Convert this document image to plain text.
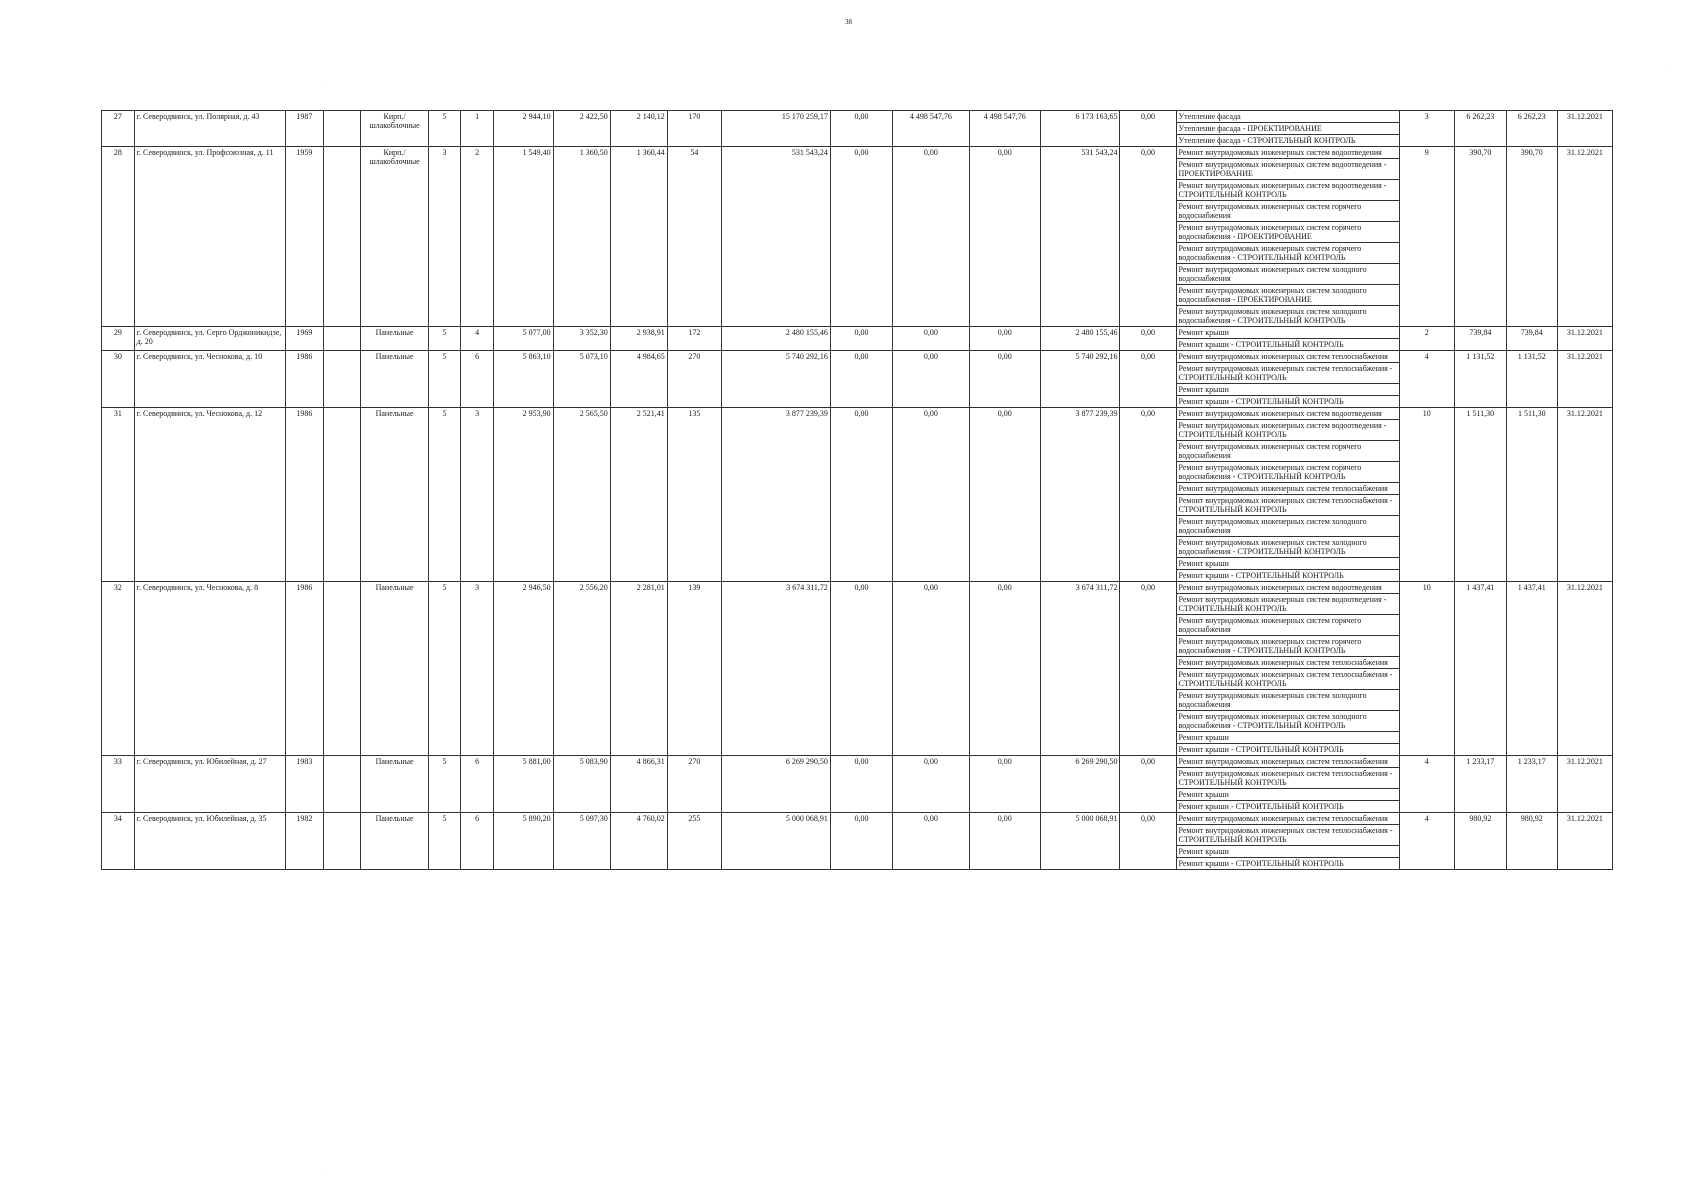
38
27	г. Северодвинск, ул. Полярная, д. 43	1987		Кирп./ шлакоблочные	5	1	2 944,10	2 422,50	2 140,12	170	15 170 259,17	0,00	4 498 547,76	4 498 547,76	6 173 163,65	0,00	Утепление фасада	3	6 262,23	6 262,23	31.12.2021
																	Утепление фасада - ПРОЕКТИРОВАНИЕ				
																	Утепление фасада - СТРОИТЕЛЬНЫЙ КОНТРОЛЬ				
28	г. Северодвинск, ул. Профсоюзная, д. 11	1959		Кирп./ шлакоблочные	3	2	1 549,40	1 360,50	1 360,44	54	531 543,24	0,00	0,00	0,00	531 543,24	0,00	Ремонт внутридомовых инженерных систем водоотведения	9	390,70	390,70	31.12.2021
																	Ремонт внутридомовых инженерных систем водоотведения - ПРОЕКТИРОВАНИЕ				
																	Ремонт внутридомовых инженерных систем водоотведения - СТРОИТЕЛЬНЫЙ КОНТРОЛЬ				
																	Ремонт внутридомовых инженерных систем горячего водоснабжения				
																	Ремонт внутридомовых инженерных систем горячего водоснабжения - ПРОЕКТИРОВАНИЕ				
																	Ремонт внутридомовых инженерных систем горячего водоснабжения - СТРОИТЕЛЬНЫЙ КОНТРОЛЬ				
																	Ремонт внутридомовых инженерных систем холодного водоснабжения				
																	Ремонт внутридомовых инженерных систем холодного водоснабжения - ПРОЕКТИРОВАНИЕ				
																	Ремонт внутридомовых инженерных систем холодного водоснабжения - СТРОИТЕЛЬНЫЙ КОНТРОЛЬ				
29	г. Северодвинск, ул. Серго Орджоникидзе, д. 20	1969		Панельные	5	4	5 077,00	3 352,30	2 938,91	172	2 480 155,46	0,00	0,00	0,00	2 480 155,46	0,00	Ремонт крыши	2	739,84	739,84	31.12.2021
																	Ремонт крыши - СТРОИТЕЛЬНЫЙ КОНТРОЛЬ				
30	г. Северодвинск, ул. Чеснокова, д. 10	1986		Панельные	5	6	5 863,10	5 073,10	4 984,65	270	5 740 292,16	0,00	0,00	0,00	5 740 292,16	0,00	Ремонт внутридомовых инженерных систем теплоснабжения	4	1 131,52	1 131,52	31.12.2021
																	Ремонт внутридомовых инженерных систем теплоснабжения - СТРОИТЕЛЬНЫЙ КОНТРОЛЬ				
																	Ремонт крыши				
																	Ремонт крыши - СТРОИТЕЛЬНЫЙ КОНТРОЛЬ				
31	г. Северодвинск, ул. Чеснокова, д. 12	1986		Панельные	5	3	2 953,90	2 565,50	2 521,41	135	3 877 239,39	0,00	0,00	0,00	3 877 239,39	0,00	Ремонт внутридомовых инженерных систем водоотведения	10	1 511,30	1 511,30	31.12.2021
																	Ремонт внутридомовых инженерных систем водоотведения - СТРОИТЕЛЬНЫЙ КОНТРОЛЬ				
																	Ремонт внутридомовых инженерных систем горячего водоснабжения				
																	Ремонт внутридомовых инженерных систем горячего водоснабжения - СТРОИТЕЛЬНЫЙ КОНТРОЛЬ				
																	Ремонт внутридомовых инженерных систем теплоснабжения				
																	Ремонт внутридомовых инженерных систем теплоснабжения - СТРОИТЕЛЬНЫЙ КОНТРОЛЬ				
																	Ремонт внутридомовых инженерных систем холодного водоснабжения				
																	Ремонт внутридомовых инженерных систем холодного водоснабжения - СТРОИТЕЛЬНЫЙ КОНТРОЛЬ				
																	Ремонт крыши				
																	Ремонт крыши - СТРОИТЕЛЬНЫЙ КОНТРОЛЬ				
32	г. Северодвинск, ул. Чеснокова, д. 8	1986		Панельные	5	3	2 946,50	2 556,20	2 281,01	139	3 674 311,72	0,00	0,00	0,00	3 674 311,72	0,00	Ремонт внутридомовых инженерных систем водоотведения	10	1 437,41	1 437,41	31.12.2021
																	Ремонт внутридомовых инженерных систем водоотведения - СТРОИТЕЛЬНЫЙ КОНТРОЛЬ				
																	Ремонт внутридомовых инженерных систем горячего водоснабжения				
																	Ремонт внутридомовых инженерных систем горячего водоснабжения - СТРОИТЕЛЬНЫЙ КОНТРОЛЬ				
																	Ремонт внутридомовых инженерных систем теплоснабжения				
																	Ремонт внутридомовых инженерных систем теплоснабжения - СТРОИТЕЛЬНЫЙ КОНТРОЛЬ				
																	Ремонт внутридомовых инженерных систем холодного водоснабжения				
																	Ремонт внутридомовых инженерных систем холодного водоснабжения - СТРОИТЕЛЬНЫЙ КОНТРОЛЬ				
																	Ремонт крыши				
																	Ремонт крыши - СТРОИТЕЛЬНЫЙ КОНТРОЛЬ				
33	г. Северодвинск, ул. Юбилейная, д. 27	1983		Панельные	5	6	5 881,00	5 083,90	4 866,31	270	6 269 290,50	0,00	0,00	0,00	6 269 290,50	0,00	Ремонт внутридомовых инженерных систем теплоснабжения	4	1 233,17	1 233,17	31.12.2021
																	Ремонт внутридомовых инженерных систем теплоснабжения - СТРОИТЕЛЬНЫЙ КОНТРОЛЬ				
																	Ремонт крыши				
																	Ремонт крыши - СТРОИТЕЛЬНЫЙ КОНТРОЛЬ				
34	г. Северодвинск, ул. Юбилейная, д. 35	1982		Панельные	5	6	5 890,20	5 097,30	4 760,02	255	5 000 068,91	0,00	0,00	0,00	5 000 068,91	0,00	Ремонт внутридомовых инженерных систем теплоснабжения	4	980,92	980,92	31.12.2021
																	Ремонт внутридомовых инженерных систем теплоснабжения - СТРОИТЕЛЬНЫЙ КОНТРОЛЬ				
																	Ремонт крыши				
																	Ремонт крыши - СТРОИТЕЛЬНЫЙ КОНТРОЛЬ				
·
·
·
